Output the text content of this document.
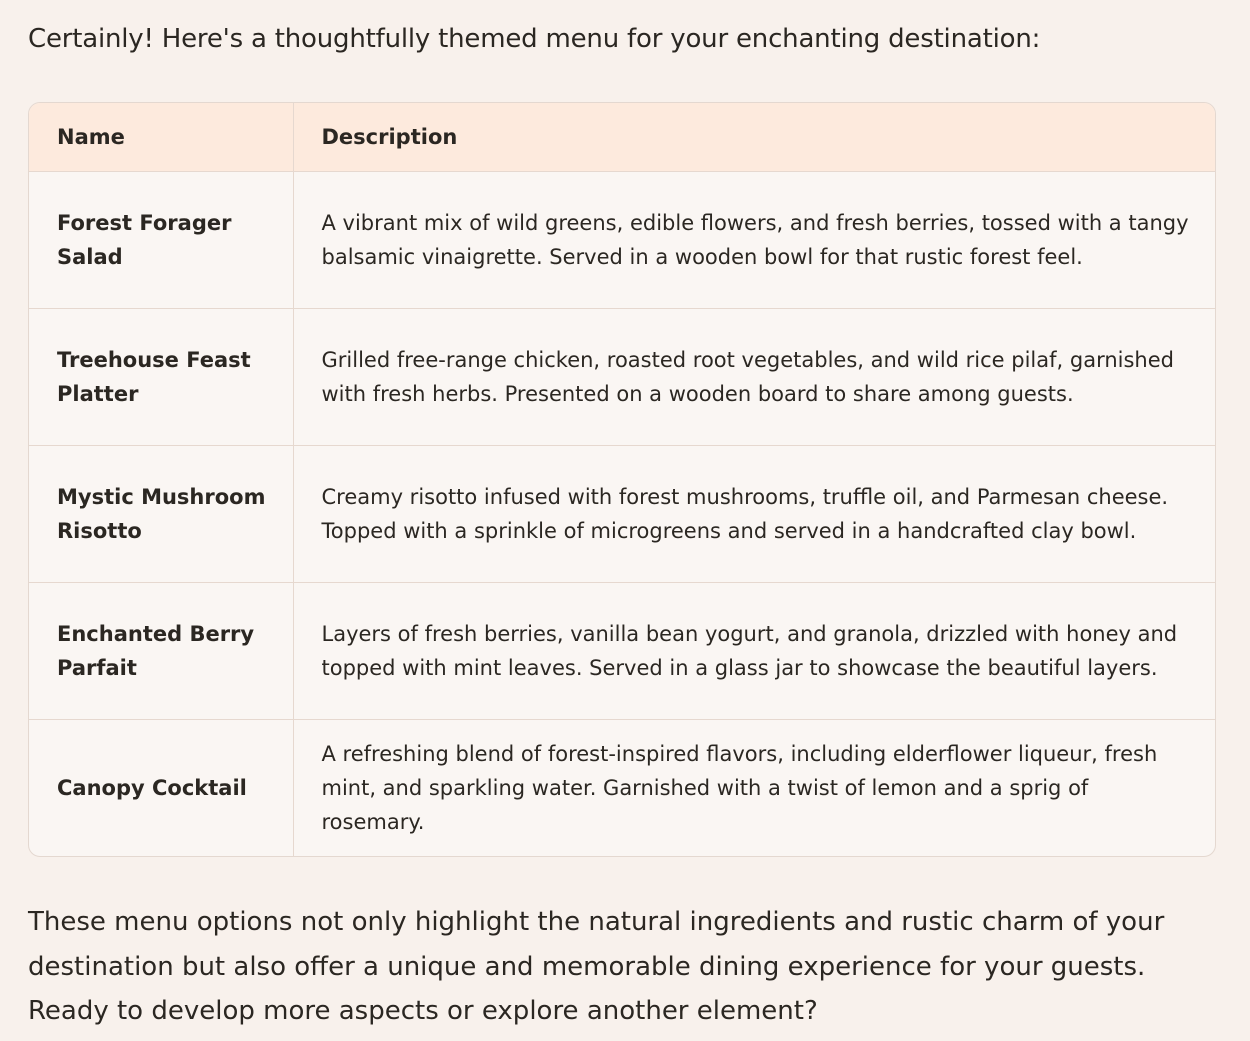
Certainly! Here's a thoughtfully themed menu for your enchanting destination:

Name	Description
Forest Forager Salad	A vibrant mix of wild greens, edible flowers, and fresh berries, tossed with a tangy balsamic vinaigrette. Served in a wooden bowl for that rustic forest feel.
Treehouse Feast Platter	Grilled free-range chicken, roasted root vegetables, and wild rice pilaf, garnished with fresh herbs. Presented on a wooden board to share among guests.
Mystic Mushroom Risotto	Creamy risotto infused with forest mushrooms, truffle oil, and Parmesan cheese. Topped with a sprinkle of microgreens and served in a handcrafted clay bowl.
Enchanted Berry Parfait	Layers of fresh berries, vanilla bean yogurt, and granola, drizzled with honey and topped with mint leaves. Served in a glass jar to showcase the beautiful layers.
Canopy Cocktail	A refreshing blend of forest-inspired flavors, including elderflower liqueur, fresh mint, and sparkling water. Garnished with a twist of lemon and a sprig of rosemary.

These menu options not only highlight the natural ingredients and rustic charm of your destination but also offer a unique and memorable dining experience for your guests. Ready to develop more aspects or explore another element?
